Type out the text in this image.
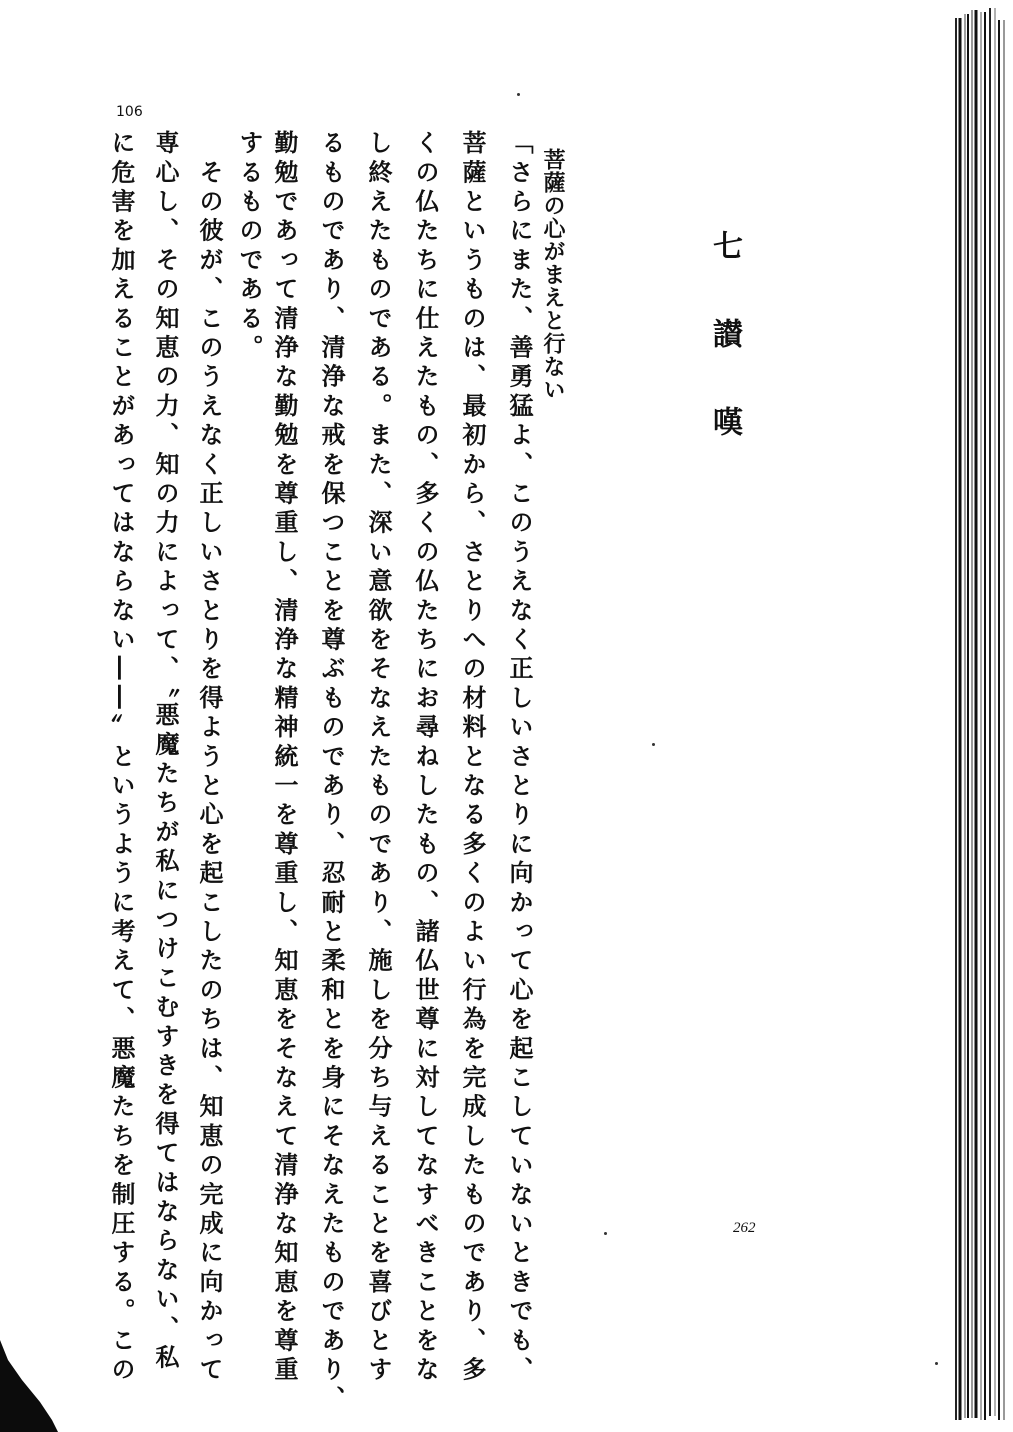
106
262
七　讃　嘆
菩薩の心がまえと行ない
「さらにまた、善勇猛よ、このうえなく正しいさとりに向かって心を起こしていないときでも、
菩薩というものは、最初から、さとりへの材料となる多くのよい行為を完成したものであり、多
くの仏たちに仕えたもの、多くの仏たちにお尋ねしたもの、諸仏世尊に対してなすべきことをな
し終えたものである。また、深い意欲をそなえたものであり、施しを分ち与えることを喜びとす
るものであり、清浄な戒を保つことを尊ぶものであり、忍耐と柔和とを身にそなえたものであり、
勤勉であって清浄な勤勉を尊重し、清浄な精神統一を尊重し、知恵をそなえて清浄な知恵を尊重
するものである。
　その彼が、このうえなく正しいさとりを得ようと心を起こしたのちは、知恵の完成に向かって
専心し、その知恵の力、知の力によって、〝悪魔たちが私につけこむすきを得てはならない、私
に危害を加えることがあってはならない――〟というように考えて、悪魔たちを制圧する。この
